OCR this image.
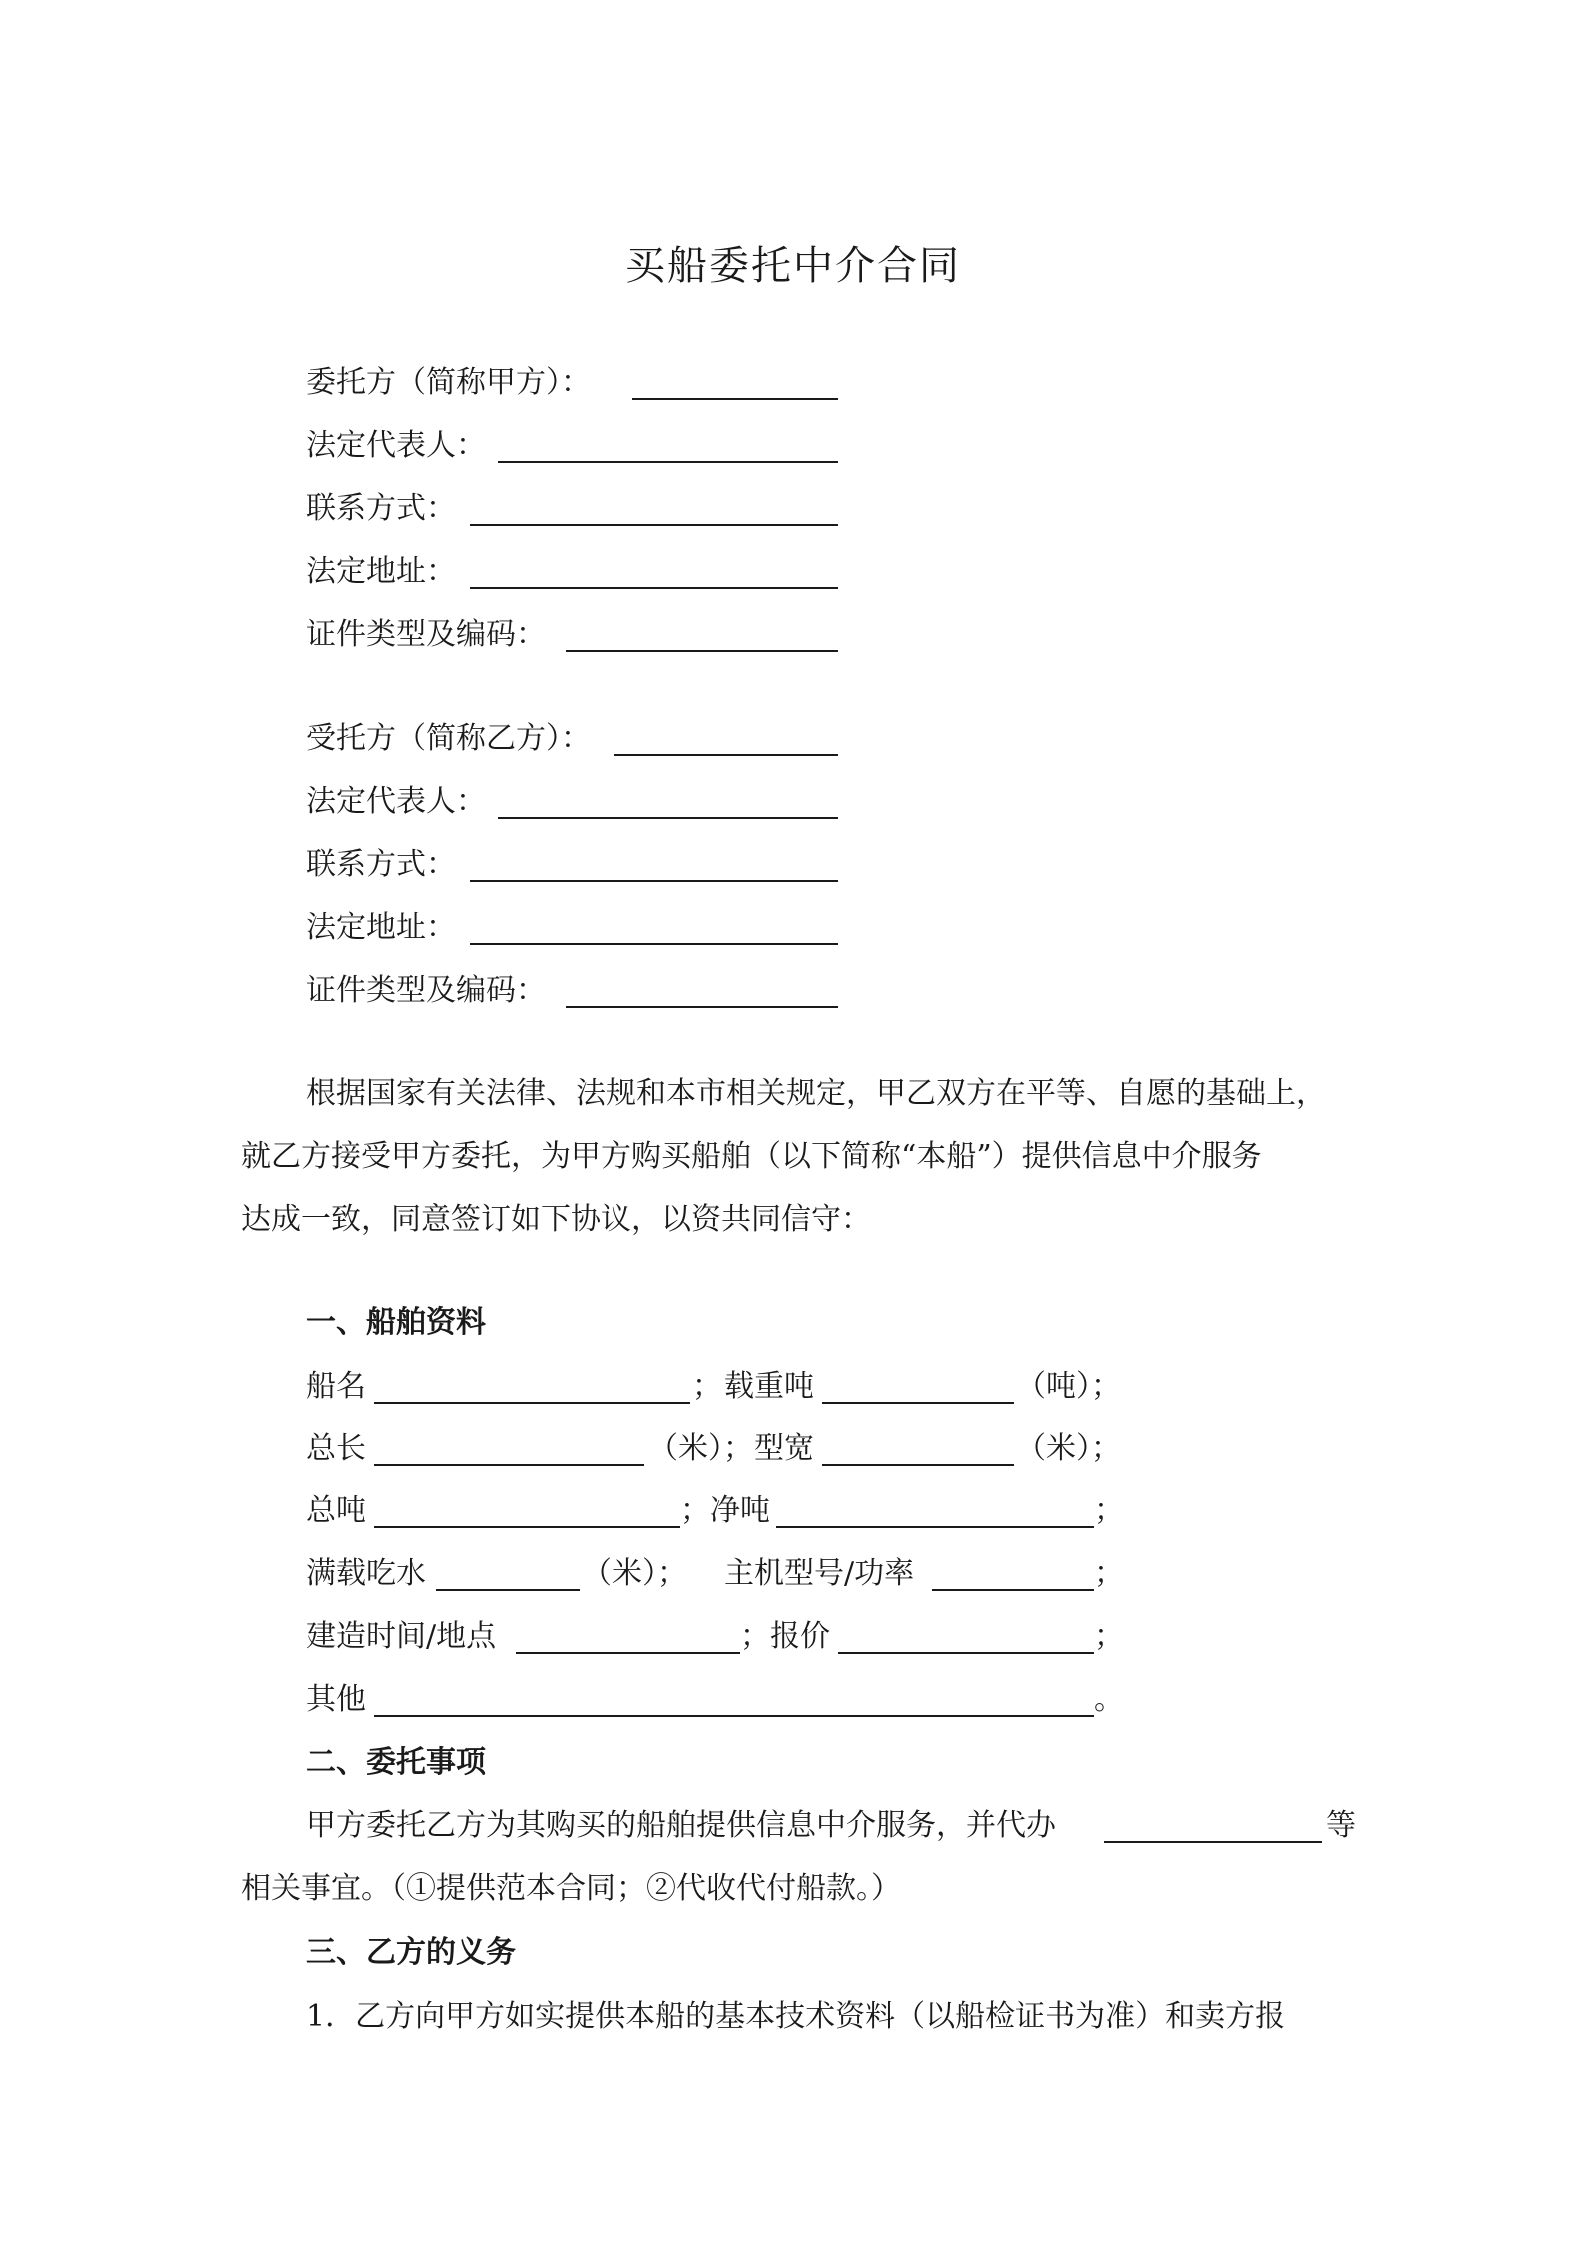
买船委托中介合同
委托方（简称甲方）：
法定代表人：
联系方式：
法定地址：
证件类型及编码：
受托方（简称乙方）：
法定代表人：
联系方式：
法定地址：
证件类型及编码：
根据国家有关法律、法规和本市相关规定，甲乙双方在平等、自愿的基础上，
就乙方接受甲方委托，为甲方购买船舶（以下简称“本船”）提供信息中介服务
达成一致，同意签订如下协议，以资共同信守：
一、船舶资料
船名	； 载重吨	（吨）；
总长	（米）； 型宽	（米）；
总吨	； 净吨	；
满载吃水	（米）； 主机型号/功率	；
建造时间/地点	； 报价	；
其他	。
二、委托事项
甲方委托乙方为其购买的船舶提供信息中介服务，并代办	等
相关事宜。（①提供范本合同；②代收代付船款。）
三、乙方的义务
1．乙方向甲方如实提供本船的基本技术资料（以船检证书为准）和卖方报
